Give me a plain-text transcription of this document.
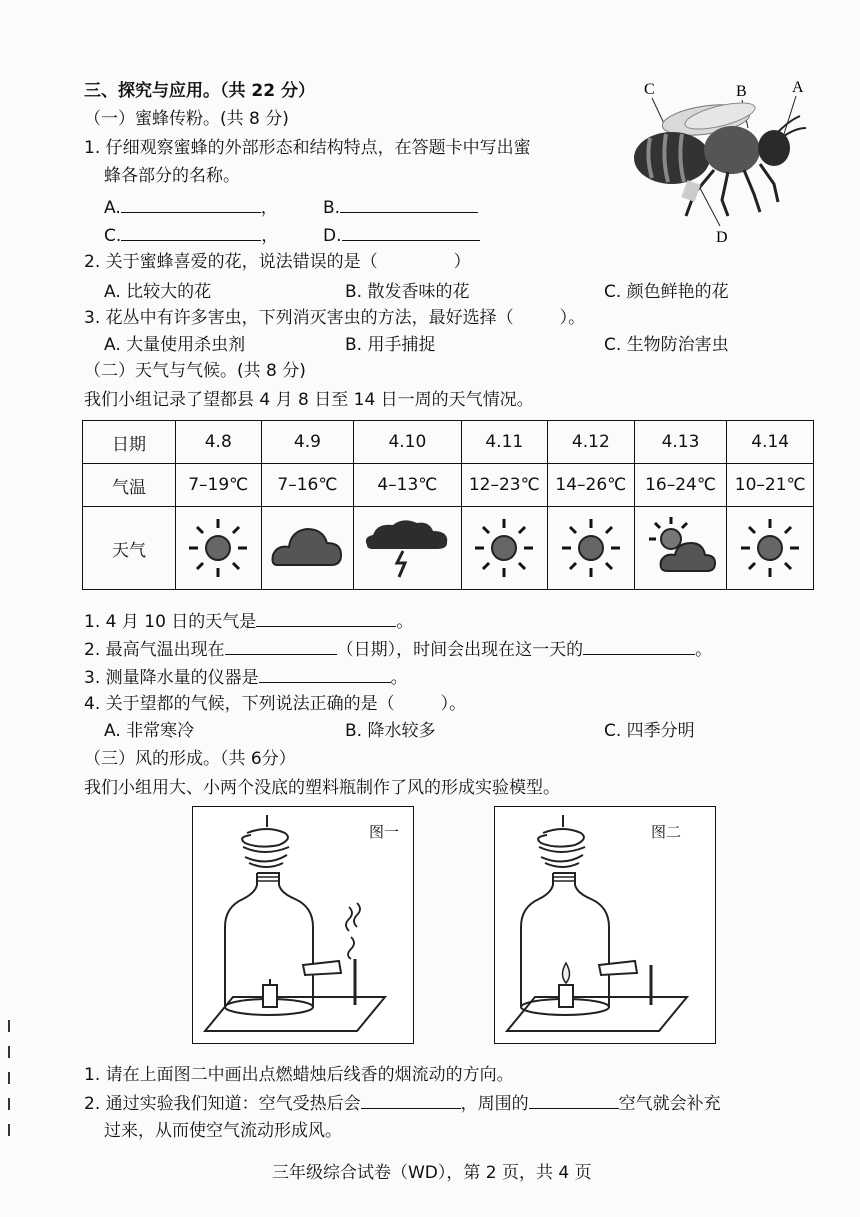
三、探究与应用。（共 22 分）
（一）蜜蜂传粉。(共 8 分)
1. 仔细观察蜜蜂的外部形态和结构特点，在答题卡中写出蜜
蜂各部分的名称。
A.	，	B.
C.	，	D.
C	B	A
D
2. 关于蜜蜂喜爱的花，说法错误的是（	）
A. 比较大的花	B. 散发香味的花	C. 颜色鲜艳的花
3. 花丛中有许多害虫，下列消灭害虫的方法，最好选择（	）。
A. 大量使用杀虫剂	B. 用手捕捉	C. 生物防治害虫
（二）天气与气候。(共 8 分)
我们小组记录了望都县 4 月 8 日至 14 日一周的天气情况。
日期	4.8	4.9	4.10	4.11	4.12	4.13	4.14
气温	7–19℃	7–16℃	4–13℃	12–23℃	14–26℃	16–24℃	10–21℃
天气	

1. 4 月 10 日的天气是	。
2. 最高气温出现在	（日期），时间会出现在这一天的	。
3. 测量降水量的仪器是	。
4. 关于望都的气候，下列说法正确的是（	）。
A. 非常寒冷	B. 降水较多	C. 四季分明
（三）风的形成。（共 6分）
我们小组用大、小两个没底的塑料瓶制作了风的形成实验模型。
图一	图二
1. 请在上面图二中画出点燃蜡烛后线香的烟流动的方向。
2. 通过实验我们知道：空气受热后会	，周围的	空气就会补充
过来，从而使空气流动形成风。
三年级综合试卷（WD），第 2 页，共 4 页
